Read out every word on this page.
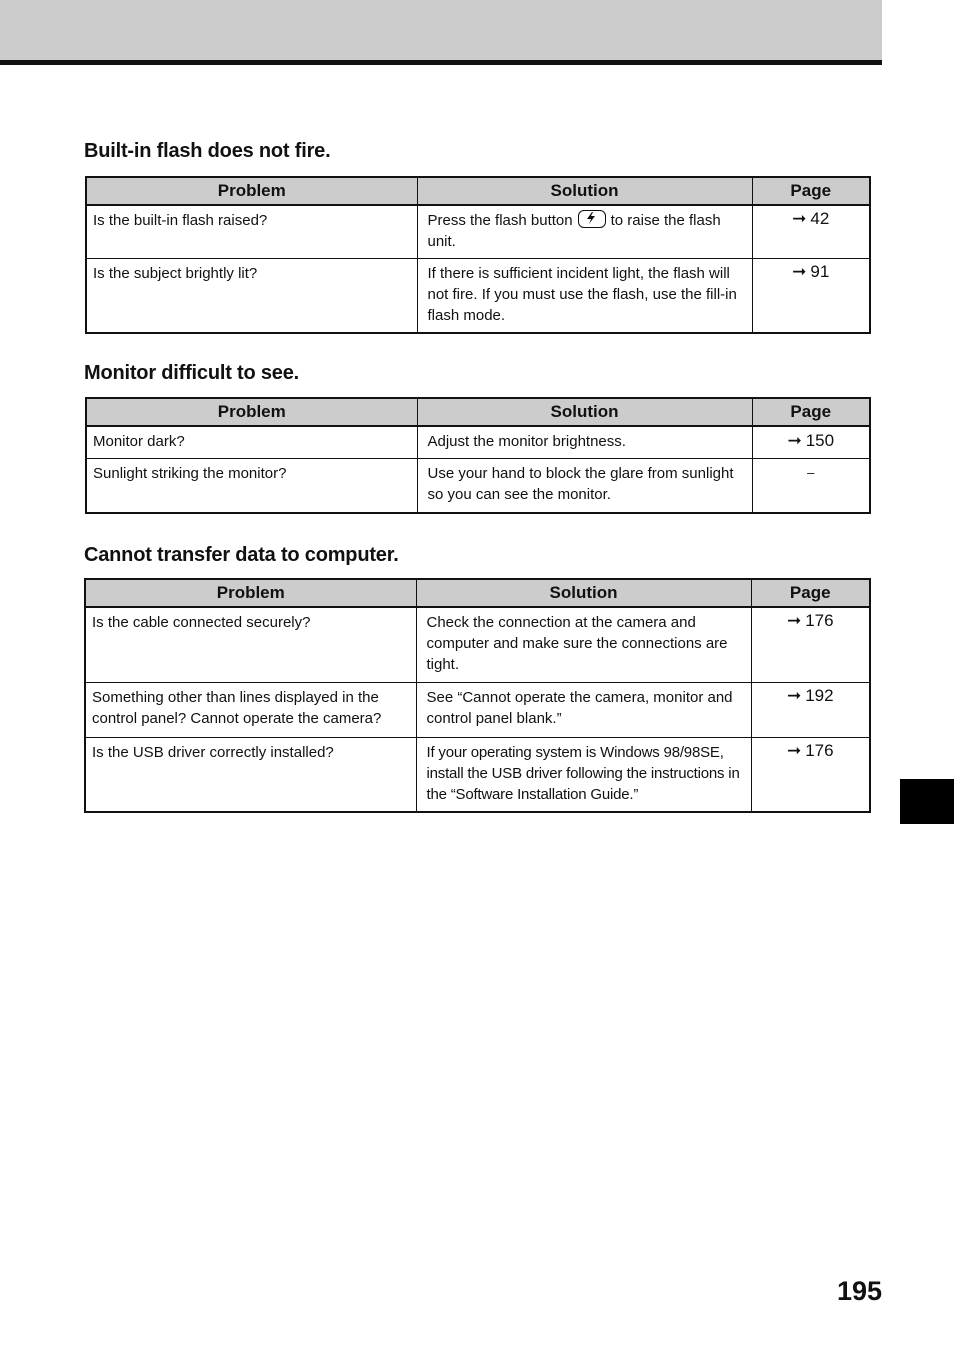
Built-in flash does not fire.
Problem	Solution	Page
Is the built-in flash raised?	Press the flash button to raise the flash unit.	➞ 42
Is the subject brightly lit?	If there is sufficient incident light, the flash will not fire. If you must use the flash, use the fill-in flash mode.	➞ 91
Monitor difficult to see.
Problem	Solution	Page
Monitor dark?	Adjust the monitor brightness.	➞ 150
Sunlight striking the monitor?	Use your hand to block the glare from sunlight so you can see the monitor.	–
Cannot transfer data to computer.
Problem	Solution	Page
Is the cable connected securely?	Check the connection at the camera and computer and make sure the connections are tight.	➞ 176
Something other than lines displayed in the control panel? Cannot operate the camera?	See “Cannot operate the camera, monitor and control panel blank.”	➞ 192
Is the USB driver correctly installed?	If your operating system is Windows 98/98SE, install the USB driver following the instructions in the “Software Installation Guide.”	➞ 176
195
